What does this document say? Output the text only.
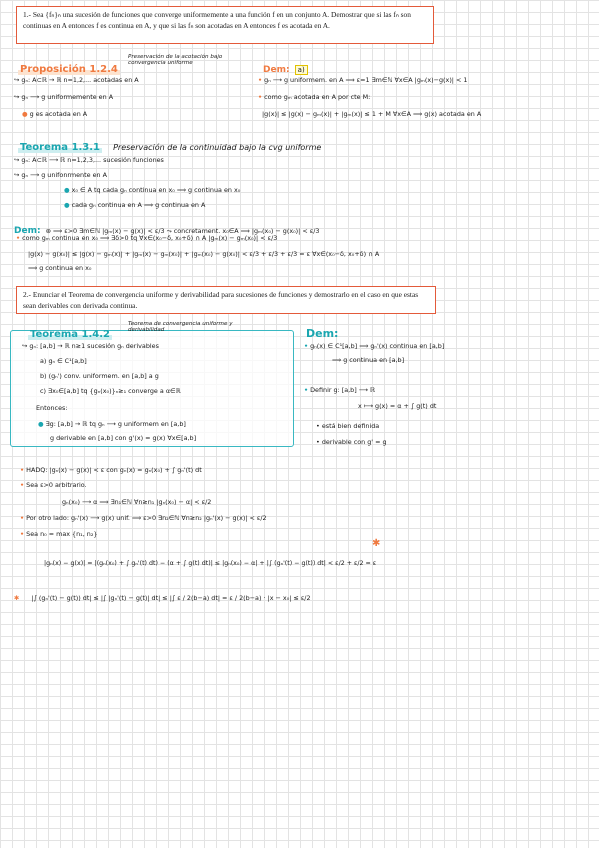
1.- Sea {fₙ}ₙ una sucesión de funciones que converge uniformemente a una función f en un conjunto A. Demostrar que si las fₙ son continuas en A entonces f es continua en A, y que si las fₙ son acotadas en A entonces f es acotada en A.
Proposición 1.2.4
Preservación de la acotación bajo convergencia uniforme
↪ gₙ: A⊂ℝ → ℝ n=1,2,... acotadas en A
↪ gₙ ⟶ g uniformemente en A
● g es acotada en A
Dem: a)
• gₙ ⟶ g uniformem. en A ⟹ ε=1 ∃m∈ℕ ∀x∈A |gₘ(x)−g(x)| < 1
• como gₘ acotada en A por cte M:
|g(x)| ≤ |g(x) − gₘ(x)| + |gₘ(x)| ≤ 1 + M ∀x∈A ⟹ g(x) acotada en A
Teorema 1.3.1 Preservación de la continuidad bajo la cvg uniforme
↪ gₙ: A⊂ℝ ⟶ ℝ n=1,2,3,... sucesión funciones
↪ gₙ ⟶ g unifonrmente en A
● x₀ ∈ A tq cada gₙ continua en x₀ ⟹ g continua en x₀
● cada gₙ continua en A ⟹ g continua en A
Dem: ⊛ ⟹ ε>0 ∃m∈ℕ |gₘ(x) − g(x)| < ε/3 ⤳ concretament. x₀∈A ⟹ |gₘ(x₀) − g(x₀)| < ε/3
• como gₘ continua en x₀ ⟹ ∃δ>0 tq ∀x∈(x₀−δ, x₀+δ) ∩ A |gₘ(x) − gₘ(x₀)| < ε/3
|g(x) − g(x₀)| ≤ |g(x) − gₘ(x)| + |gₘ(x) − gₘ(x₀)| + |gₘ(x₀) − g(x₀)| < ε/3 + ε/3 + ε/3 = ε ∀x∈(x₀−δ, x₀+δ) ∩ A
⟹ g continua en x₀
2.- Enunciar el Teorema de convergencia uniforme y derivabilidad para sucesiones de funciones y demostrarlo en el caso en que estas sean derivables con derivada continua.
Teorema 1.4.2
Teorema de convergencia uniforme y derivabilidad
↪ gₙ: [a,b] → ℝ n≥1 sucesión gₙ derivables
a) gₙ ∈ C¹[a,b]
b) (gₙ') conv. uniformem. en [a,b] a g
c) ∃x₀∈[a,b] tq {gₙ(x₀)}ₙ≥₁ converge a α∈ℝ
Entonces:
● ∃g: [a,b] → ℝ tq gₙ ⟶ g uniformem en [a,b]
g derivable en [a,b] con g'(x) = g(x) ∀x∈[a,b]
Dem:
• gₙ(x) ∈ C¹[a,b] ⟹ gₙ'(x) continua en [a,b]
⟹ g continua en [a,b]
• Definir g: [a,b] ⟶ ℝ
x ⟼ g(x) = α + ∫ g(t) dt
• está bien definida
• derivable con g' = g
• HADQ: |gₙ(x) − g(x)| < ε con gₙ(x) = gₙ(x₀) + ∫ gₙ'(t) dt
• Sea ε>0 arbitrario.
gₙ(x₀) ⟶ α ⟹ ∃n₁∈ℕ ∀n≥n₁ |gₙ(x₀) − α| < ε/2
• Por otro lado: gₙ'(x) ⟶ g(x) unif. ⟹ ε>0 ∃n₂∈ℕ ∀n≥n₂ |gₙ'(x) − g(x)| < ε/2
• Sea n₀ = max {n₁, n₂}
|gₙ(x) − g(x)| = |(gₙ(x₀) + ∫ gₙ'(t) dt) − (α + ∫ g(t) dt)| ≤ |gₙ(x₀) − α| + |∫ (gₙ'(t) − g(t)) dt| < ε/2 + ε/2 = ε
✱
✱ |∫ (gₙ'(t) − g(t)) dt| ≤ |∫ |gₙ'(t) − g(t)| dt| ≤ |∫ ε / 2(b−a) dt| = ε / 2(b−a) · |x − x₀| ≤ ε/2
